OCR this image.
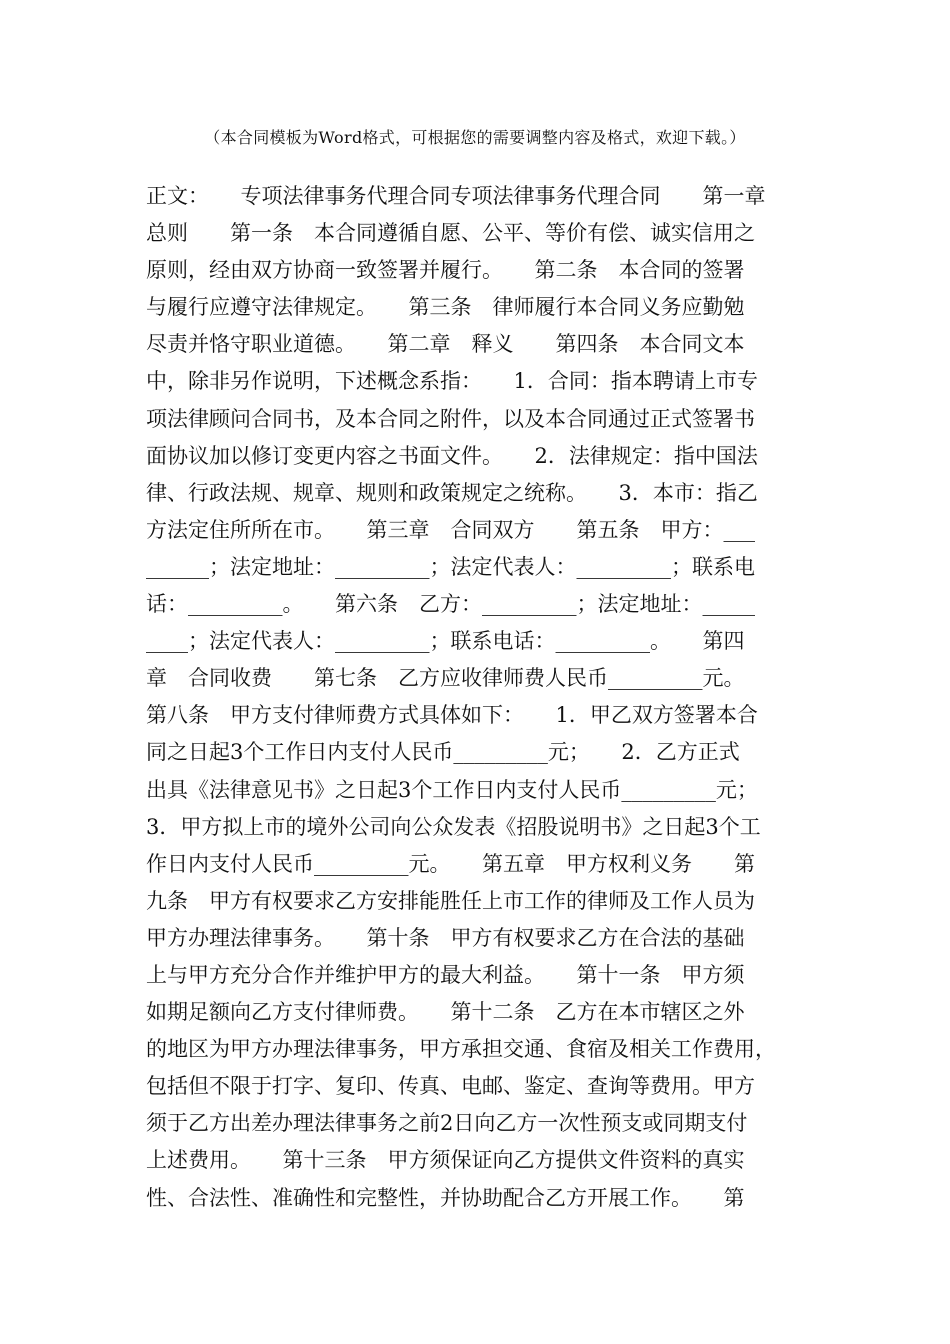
（本合同模板为Word格式，可根据您的需要调整内容及格式，欢迎下载。）
正文：　　专项法律事务代理合同专项法律事务代理合同　　第一章
总则　　第一条　本合同遵循自愿、公平、等价有偿、诚实信用之
原则，经由双方协商一致签署并履行。　　第二条　本合同的签署
与履行应遵守法律规定。　　第三条　律师履行本合同义务应勤勉
尽责并恪守职业道德。　　第二章　释义　　第四条　本合同文本
中，除非另作说明，下述概念系指：　　1．合同：指本聘请上市专
项法律顾问合同书，及本合同之附件，以及本合同通过正式签署书
面协议加以修订变更内容之书面文件。　　2．法律规定：指中国法
律、行政法规、规章、规则和政策规定之统称。　　3．本市：指乙
方法定住所所在市。　　第三章　合同双方　　第五条　甲方：___
______；法定地址：_________；法定代表人：_________；联系电
话：_________。　　第六条　乙方：_________；法定地址：_____
____；法定代表人：_________；联系电话：_________。　　第四
章　合同收费　　第七条　乙方应收律师费人民币_________元。
第八条　甲方支付律师费方式具体如下：　　1．甲乙双方签署本合
同之日起3个工作日内支付人民币_________元；　　2．乙方正式
出具《法律意见书》之日起3个工作日内支付人民币_________元；
3．甲方拟上市的境外公司向公众发表《招股说明书》之日起3个工
作日内支付人民币_________元。　　第五章　甲方权利义务　　第
九条　甲方有权要求乙方安排能胜任上市工作的律师及工作人员为
甲方办理法律事务。　　第十条　甲方有权要求乙方在合法的基础
上与甲方充分合作并维护甲方的最大利益。　　第十一条　甲方须
如期足额向乙方支付律师费。　　第十二条　乙方在本市辖区之外
的地区为甲方办理法律事务，甲方承担交通、食宿及相关工作费用，
包括但不限于打字、复印、传真、电邮、鉴定、查询等费用。甲方
须于乙方出差办理法律事务之前2日向乙方一次性预支或同期支付
上述费用。　　第十三条　甲方须保证向乙方提供文件资料的真实
性、合法性、准确性和完整性，并协助配合乙方开展工作。　　第
